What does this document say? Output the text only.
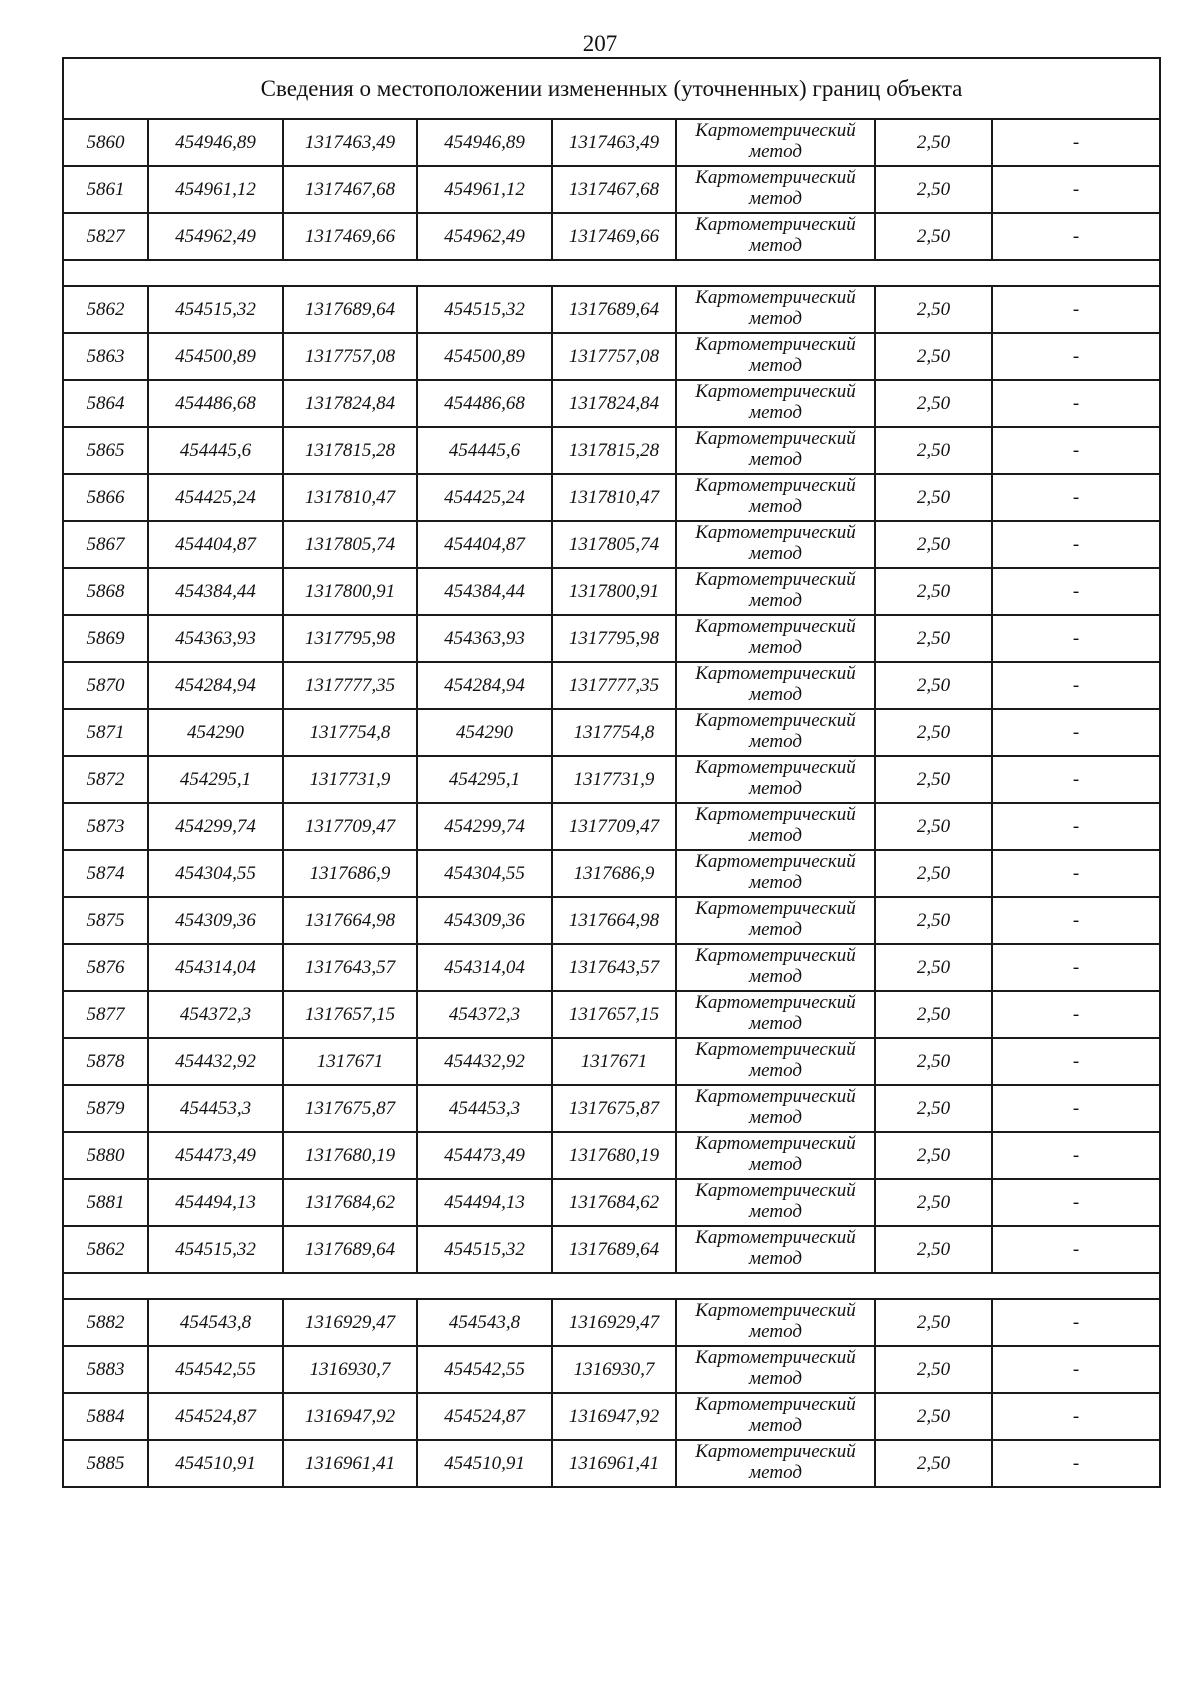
207
Сведения о местоположении измененных (уточненных) границ объекта							
5860	454946,89	1317463,49	454946,89	1317463,49	Картометрический метод	2,50	-
5861	454961,12	1317467,68	454961,12	1317467,68	Картометрический метод	2,50	-
5827	454962,49	1317469,66	454962,49	1317469,66	Картометрический метод	2,50	-

5862	454515,32	1317689,64	454515,32	1317689,64	Картометрический метод	2,50	-
5863	454500,89	1317757,08	454500,89	1317757,08	Картометрический метод	2,50	-
5864	454486,68	1317824,84	454486,68	1317824,84	Картометрический метод	2,50	-
5865	454445,6	1317815,28	454445,6	1317815,28	Картометрический метод	2,50	-
5866	454425,24	1317810,47	454425,24	1317810,47	Картометрический метод	2,50	-
5867	454404,87	1317805,74	454404,87	1317805,74	Картометрический метод	2,50	-
5868	454384,44	1317800,91	454384,44	1317800,91	Картометрический метод	2,50	-
5869	454363,93	1317795,98	454363,93	1317795,98	Картометрический метод	2,50	-
5870	454284,94	1317777,35	454284,94	1317777,35	Картометрический метод	2,50	-
5871	454290	1317754,8	454290	1317754,8	Картометрический метод	2,50	-
5872	454295,1	1317731,9	454295,1	1317731,9	Картометрический метод	2,50	-
5873	454299,74	1317709,47	454299,74	1317709,47	Картометрический метод	2,50	-
5874	454304,55	1317686,9	454304,55	1317686,9	Картометрический метод	2,50	-
5875	454309,36	1317664,98	454309,36	1317664,98	Картометрический метод	2,50	-
5876	454314,04	1317643,57	454314,04	1317643,57	Картометрический метод	2,50	-
5877	454372,3	1317657,15	454372,3	1317657,15	Картометрический метод	2,50	-
5878	454432,92	1317671	454432,92	1317671	Картометрический метод	2,50	-
5879	454453,3	1317675,87	454453,3	1317675,87	Картометрический метод	2,50	-
5880	454473,49	1317680,19	454473,49	1317680,19	Картометрический метод	2,50	-
5881	454494,13	1317684,62	454494,13	1317684,62	Картометрический метод	2,50	-
5862	454515,32	1317689,64	454515,32	1317689,64	Картометрический метод	2,50	-

5882	454543,8	1316929,47	454543,8	1316929,47	Картометрический метод	2,50	-
5883	454542,55	1316930,7	454542,55	1316930,7	Картометрический метод	2,50	-
5884	454524,87	1316947,92	454524,87	1316947,92	Картометрический метод	2,50	-
5885	454510,91	1316961,41	454510,91	1316961,41	Картометрический метод	2,50	-
